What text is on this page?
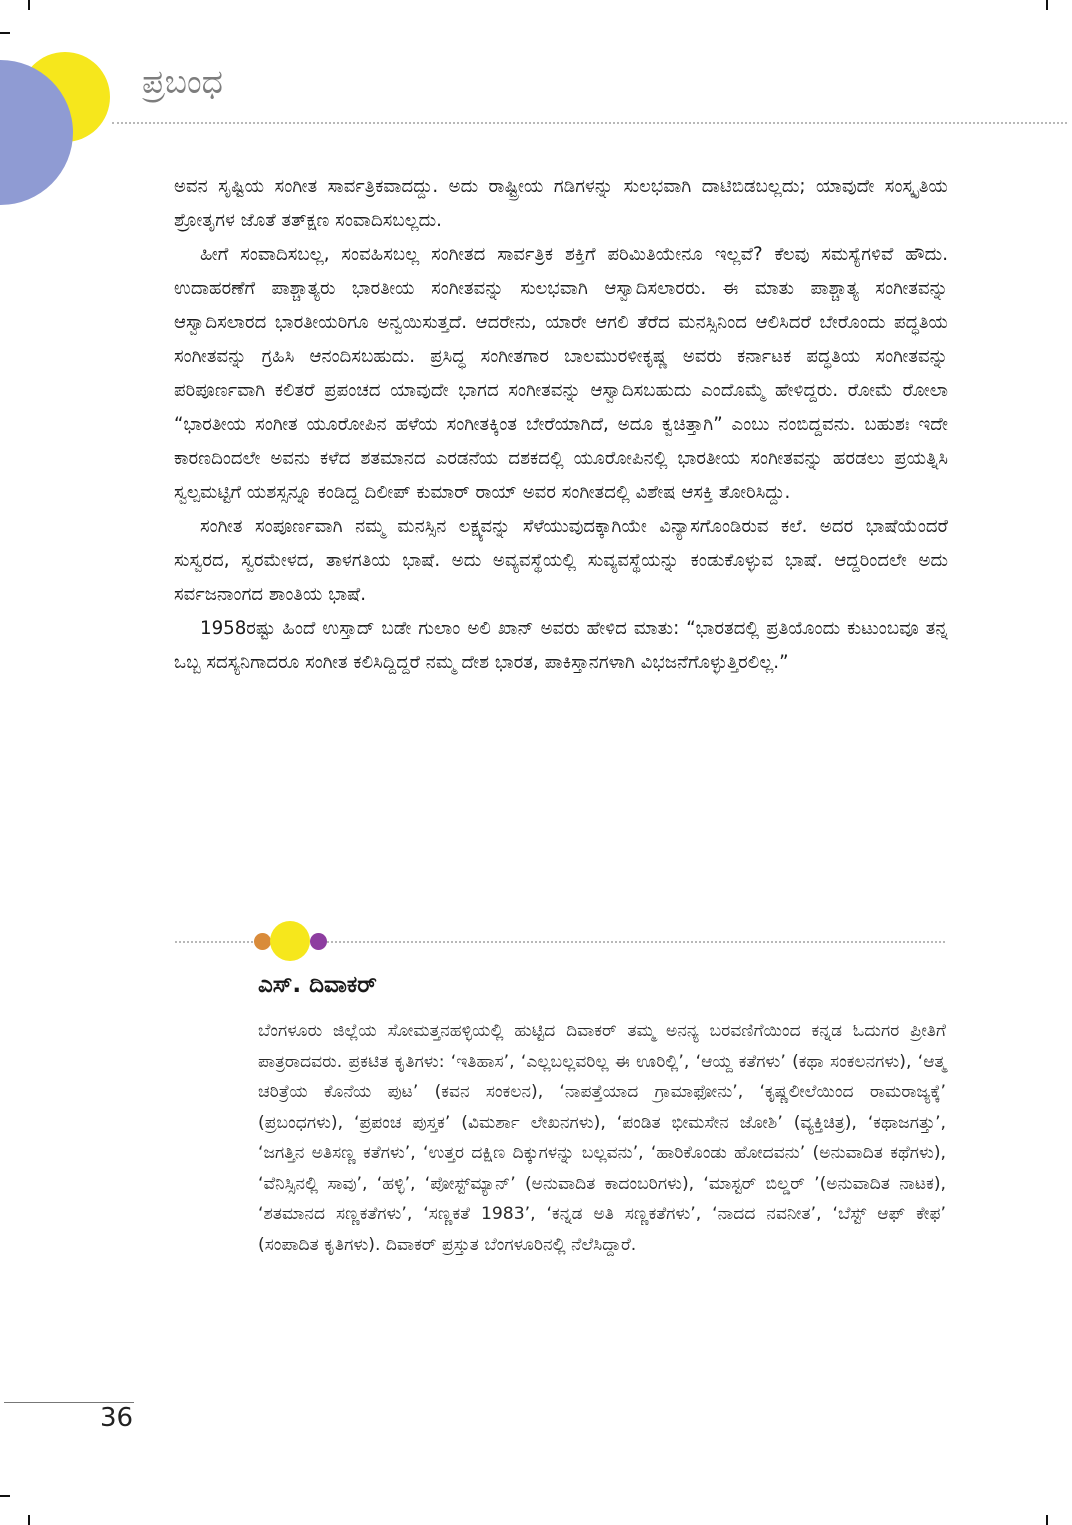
ಪ್ರಬಂಧ

ಅವನ ಸೃಷ್ಟಿಯ ಸಂಗೀತ ಸಾರ್ವತ್ರಿಕವಾದದ್ದು. ಅದು ರಾಷ್ಟ್ರೀಯ ಗಡಿಗಳನ್ನು ಸುಲಭವಾಗಿ ದಾಟಿಬಿಡಬಲ್ಲದು; ಯಾವುದೇ ಸಂಸ್ಕೃತಿಯ ಶ್ರೋತೃಗಳ ಜೊತೆ ತತ್‌ಕ್ಷಣ ಸಂವಾದಿಸಬಲ್ಲದು.

ಹೀಗೆ ಸಂವಾದಿಸಬಲ್ಲ, ಸಂವಹಿಸಬಲ್ಲ ಸಂಗೀತದ ಸಾರ್ವತ್ರಿಕ ಶಕ್ತಿಗೆ ಪರಿಮಿತಿಯೇನೂ ಇಲ್ಲವೆ? ಕೆಲವು ಸಮಸ್ಯೆಗಳಿವೆ ಹೌದು. ಉದಾಹರಣೆಗೆ ಪಾಶ್ಚಾತ್ಯರು ಭಾರತೀಯ ಸಂಗೀತವನ್ನು ಸುಲಭವಾಗಿ ಆಸ್ವಾದಿಸಲಾರರು. ಈ ಮಾತು ಪಾಶ್ಚಾತ್ಯ ಸಂಗೀತವನ್ನು ಆಸ್ವಾದಿಸಲಾರದ ಭಾರತೀಯರಿಗೂ ಅನ್ವಯಿಸುತ್ತದೆ. ಆದರೇನು, ಯಾರೇ ಆಗಲಿ ತೆರೆದ ಮನಸ್ಸಿನಿಂದ ಆಲಿಸಿದರೆ ಬೇರೊಂದು ಪದ್ಧತಿಯ ಸಂಗೀತವನ್ನು ಗ್ರಹಿಸಿ ಆನಂದಿಸಬಹುದು. ಪ್ರಸಿದ್ಧ ಸಂಗೀತಗಾರ ಬಾಲಮುರಳೀಕೃಷ್ಣ ಅವರು ಕರ್ನಾಟಕ ಪದ್ಧತಿಯ ಸಂಗೀತವನ್ನು ಪರಿಪೂರ್ಣವಾಗಿ ಕಲಿತರೆ ಪ್ರಪಂಚದ ಯಾವುದೇ ಭಾಗದ ಸಂಗೀತವನ್ನು ಆಸ್ವಾದಿಸಬಹುದು ಎಂದೊಮ್ಮೆ ಹೇಳಿದ್ದರು. ರೋಮೆ ರೋಲಾ “ಭಾರತೀಯ ಸಂಗೀತ ಯೂರೋಪಿನ ಹಳೆಯ ಸಂಗೀತಕ್ಕಿಂತ ಬೇರೆಯಾಗಿದೆ, ಅದೂ ಕ್ವಚಿತ್ತಾಗಿ” ಎಂಬು ನಂಬಿದ್ದವನು. ಬಹುಶಃ ಇದೇ ಕಾರಣದಿಂದಲೇ ಅವನು ಕಳೆದ ಶತಮಾನದ ಎರಡನೆಯ ದಶಕದಲ್ಲಿ ಯೂರೋಪಿನಲ್ಲಿ ಭಾರತೀಯ ಸಂಗೀತವನ್ನು ಹರಡಲು ಪ್ರಯತ್ನಿಸಿ ಸ್ವಲ್ಪಮಟ್ಟಿಗೆ ಯಶಸ್ಸನ್ನೂ ಕಂಡಿದ್ದ ದಿಲೀಪ್ ಕುಮಾರ್ ರಾಯ್ ಅವರ ಸಂಗೀತದಲ್ಲಿ ವಿಶೇಷ ಆಸಕ್ತಿ ತೋರಿಸಿದ್ದು.

ಸಂಗೀತ ಸಂಪೂರ್ಣವಾಗಿ ನಮ್ಮ ಮನಸ್ಸಿನ ಲಕ್ಷ್ಯವನ್ನು ಸೆಳೆಯುವುದಕ್ಕಾಗಿಯೇ ವಿನ್ಯಾಸಗೊಂಡಿರುವ ಕಲೆ. ಅದರ ಭಾಷೆಯೆಂದರೆ ಸುಸ್ವರದ, ಸ್ವರಮೇಳದ, ತಾಳಗತಿಯ ಭಾಷೆ. ಅದು ಅವ್ಯವಸ್ಥೆಯಲ್ಲಿ ಸುವ್ಯವಸ್ಥೆಯನ್ನು ಕಂಡುಕೊಳ್ಳುವ ಭಾಷೆ. ಆದ್ದರಿಂದಲೇ ಅದು ಸರ್ವಜನಾಂಗದ ಶಾಂತಿಯ ಭಾಷೆ.

1958ರಷ್ಟು ಹಿಂದೆ ಉಸ್ತಾದ್ ಬಡೇ ಗುಲಾಂ ಅಲಿ ಖಾನ್ ಅವರು ಹೇಳಿದ ಮಾತು: “ಭಾರತದಲ್ಲಿ ಪ್ರತಿಯೊಂದು ಕುಟುಂಬವೂ ತನ್ನ ಒಬ್ಬ ಸದಸ್ಯನಿಗಾದರೂ ಸಂಗೀತ ಕಲಿಸಿದ್ದಿದ್ದರೆ ನಮ್ಮ ದೇಶ ಭಾರತ, ಪಾಕಿಸ್ತಾನಗಳಾಗಿ ವಿಭಜನೆಗೊಳ್ಳುತ್ತಿರಲಿಲ್ಲ.”

ಎಸ್. ದಿವಾಕರ್

ಬೆಂಗಳೂರು ಜಿಲ್ಲೆಯ ಸೋಮತ್ತನಹಳ್ಳಿಯಲ್ಲಿ ಹುಟ್ಟಿದ ದಿವಾಕರ್ ತಮ್ಮ ಅನನ್ಯ ಬರವಣಿಗೆಯಿಂದ ಕನ್ನಡ ಓದುಗರ ಪ್ರೀತಿಗೆ ಪಾತ್ರರಾದವರು. ಪ್ರಕಟಿತ ಕೃತಿಗಳು: ‘ಇತಿಹಾಸ’, ‘ಎಲ್ಲಬಲ್ಲವರಿಲ್ಲ ಈ ಊರಿಲ್ಲಿ’, ‘ಆಯ್ದ ಕತೆಗಳು’ (ಕಥಾ ಸಂಕಲನಗಳು), ‘ಆತ್ಮ ಚರಿತ್ರೆಯ ಕೊನೆಯ ಪುಟ’ (ಕವನ ಸಂಕಲನ), ‘ನಾಪತ್ತೆಯಾದ ಗ್ರಾಮಾಫೋನು’, ‘ಕೃಷ್ಣಲೀಲೆಯಿಂದ ರಾಮರಾಜ್ಯಕ್ಕೆ’ (ಪ್ರಬಂಧಗಳು), ‘ಪ್ರಪಂಚ ಪುಸ್ತಕ’ (ವಿಮರ್ಶಾ ಲೇಖನಗಳು), ‘ಪಂಡಿತ ಭೀಮಸೇನ ಜೋಶಿ’ (ವ್ಯಕ್ತಿಚಿತ್ರ), ‘ಕಥಾಜಗತ್ತು’, ‘ಜಗತ್ತಿನ ಅತಿಸಣ್ಣ ಕತೆಗಳು’, ‘ಉತ್ತರ ದಕ್ಷಿಣ ದಿಕ್ಕುಗಳನ್ನು ಬಲ್ಲವನು’, ‘ಹಾರಿಕೊಂಡು ಹೋದವನು’ (ಅನುವಾದಿತ ಕಥೆಗಳು), ‘ವೆನಿಸ್ಸಿನಲ್ಲಿ ಸಾವು’, ‘ಹಳ್ಳಿ’, ‘ಪೋಸ್ಟ್‌ಮ್ಯಾನ್’ (ಅನುವಾದಿತ ಕಾದಂಬರಿಗಳು), ‘ಮಾಸ್ಟರ್ ಬಿಲ್ಡರ್ ’(ಅನುವಾದಿತ ನಾಟಕ), ‘ಶತಮಾನದ ಸಣ್ಣಕತೆಗಳು’, ‘ಸಣ್ಣಕತೆ 1983’, ‘ಕನ್ನಡ ಅತಿ ಸಣ್ಣಕತೆಗಳು’, ‘ನಾದದ ನವನೀತ’, ‘ಬೆಸ್ಟ್ ಆಫ್ ಕೇಫ’ (ಸಂಪಾದಿತ ಕೃತಿಗಳು). ದಿವಾಕರ್ ಪ್ರಸ್ತುತ ಬೆಂಗಳೂರಿನಲ್ಲಿ ನೆಲೆಸಿದ್ದಾರೆ.

36
